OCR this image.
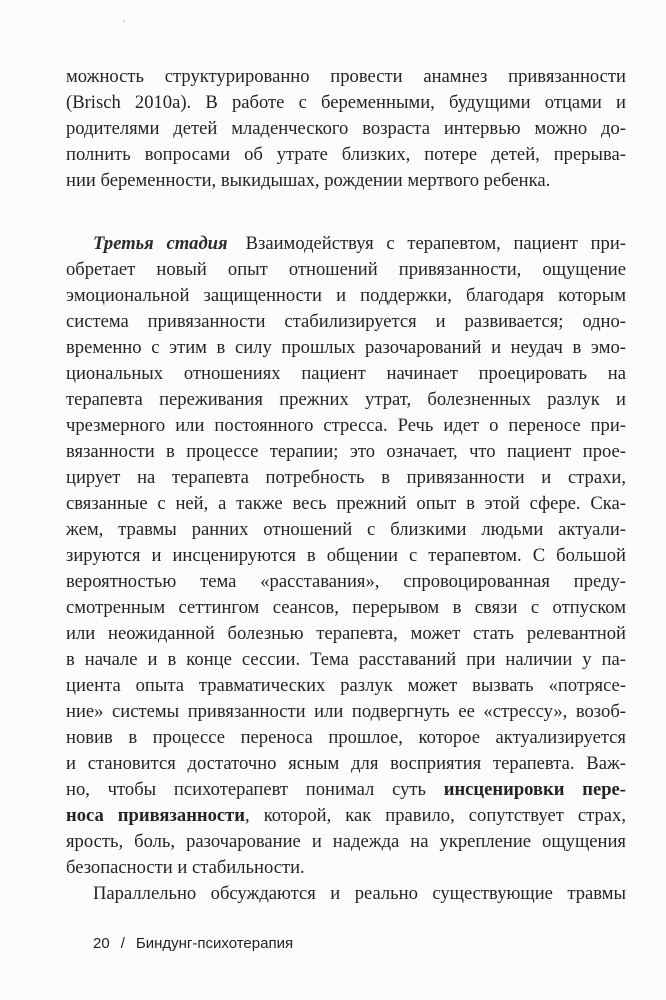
можность структурированно провести анамнез привязанности
(Brisch 2010a). В работе с беременными, будущими отцами и
родителями детей младенческого возраста интервью можно до-
полнить вопросами об утрате близких, потере детей, прерыва-
нии беременности, выкидышах, рождении мертвого ребенка.
Третья стадия Взаимодействуя с терапевтом, пациент при-
обретает новый опыт отношений привязанности, ощущение
эмоциональной защищенности и поддержки, благодаря которым
система привязанности стабилизируется и развивается; одно-
временно с этим в силу прошлых разочарований и неудач в эмо-
циональных отношениях пациент начинает проецировать на
терапевта переживания прежних утрат, болезненных разлук и
чрезмерного или постоянного стресса. Речь идет о переносе при-
вязанности в процессе терапии; это означает, что пациент прое-
цирует на терапевта потребность в привязанности и страхи,
связанные с ней, а также весь прежний опыт в этой сфере. Ска-
жем, травмы ранних отношений с близкими людьми актуали-
зируются и инсценируются в общении с терапевтом. С большой
вероятностью тема «расставания», спровоцированная преду-
смотренным сеттингом сеансов, перерывом в связи с отпуском
или неожиданной болезнью терапевта, может стать релевантной
в начале и в конце сессии. Тема расставаний при наличии у па-
циента опыта травматических разлук может вызвать «потрясе-
ние» системы привязанности или подвергнуть ее «стрессу», возоб-
новив в процессе переноса прошлое, которое актуализируется
и становится достаточно ясным для восприятия терапевта. Важ-
но, чтобы психотерапевт понимал суть инсценировки пере-
носа привязанности, которой, как правило, сопутствует страх,
ярость, боль, разочарование и надежда на укрепление ощущения
безопасности и стабильности.
Параллельно обсуждаются и реально существующие травмы
20 / Биндунг-психотерапия
